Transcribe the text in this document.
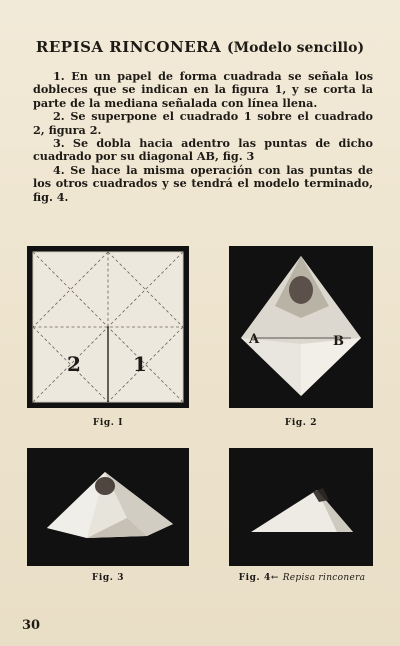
REPISA RINCONERA (Modelo sencillo)

1. En un papel de forma cuadrada se señala los dobleces que se indican en la figura 1, y se corta la parte de la mediana señalada con línea llena.

2. Se superpone el cuadrado 1 sobre el cuadrado 2, figura 2.

3. Se dobla hacia adentro las puntas de dicho cuadrado por su diagonal AB, fig. 3

4. Se hace la misma operación con las puntas de los otros cuadrados y se tendrá el modelo terminado, fig. 4.

2	1
Fig. I
A	B
Fig. 2
Fig. 3	Fig. 4← Repisa rinconera
30
